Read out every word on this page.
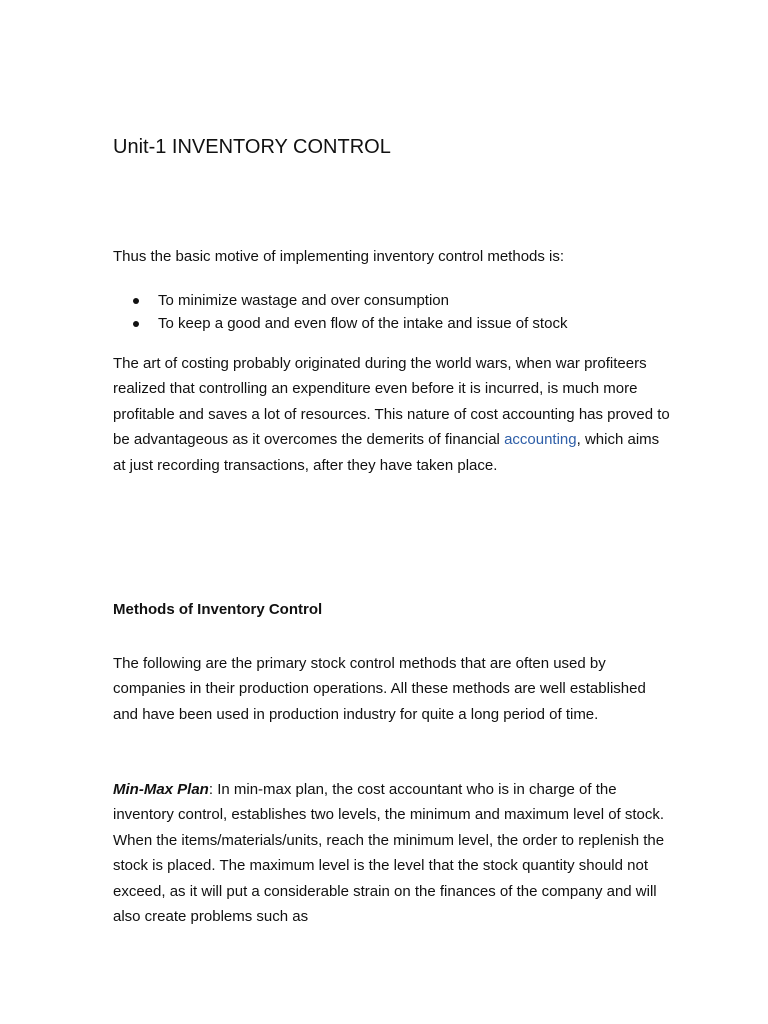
Unit-1 INVENTORY CONTROL

Thus the basic motive of implementing inventory control methods is:

To minimize wastage and over consumption
To keep a good and even flow of the intake and issue of stock

The art of costing probably originated during the world wars, when war profiteers realized that controlling an expenditure even before it is incurred, is much more profitable and saves a lot of resources. This nature of cost accounting has proved to be advantageous as it overcomes the demerits of financial accounting, which aims at just recording transactions, after they have taken place.

Methods of Inventory Control

The following are the primary stock control methods that are often used by companies in their production operations. All these methods are well established and have been used in production industry for quite a long period of time.

Min-Max Plan: In min-max plan, the cost accountant who is in charge of the inventory control, establishes two levels, the minimum and maximum level of stock. When the items/materials/units, reach the minimum level, the order to replenish the stock is placed. The maximum level is the level that the stock quantity should not exceed, as it will put a considerable strain on the finances of the company and will also create problems such as
